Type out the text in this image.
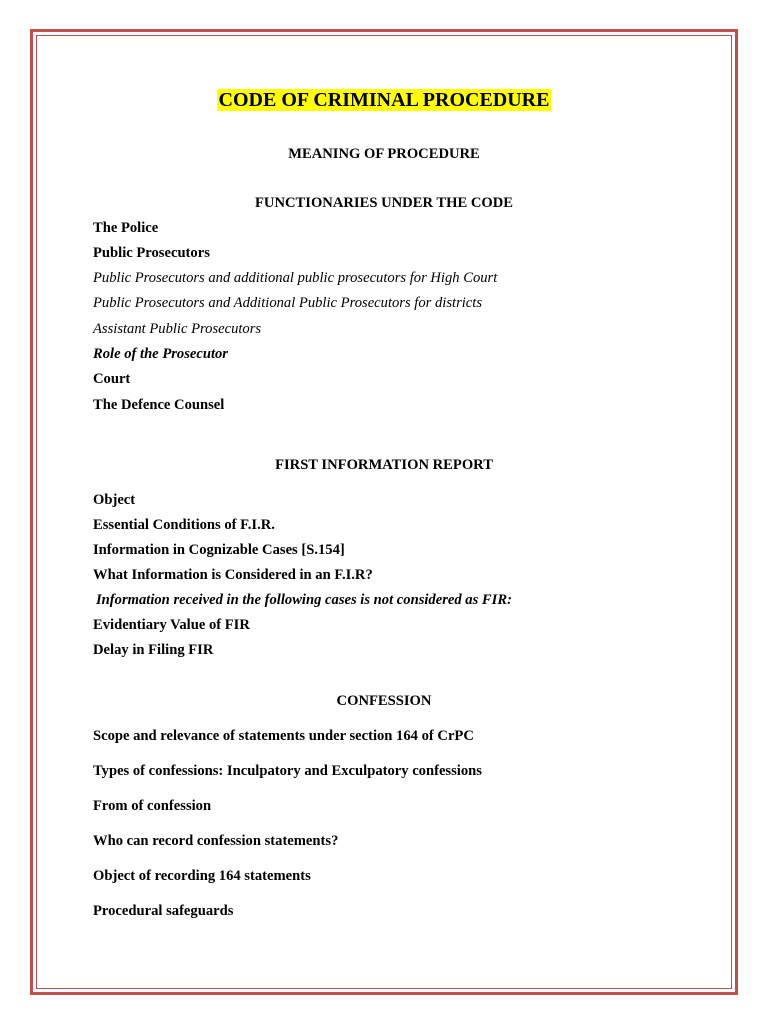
CODE OF CRIMINAL PROCEDURE
MEANING OF PROCEDURE
FUNCTIONARIES UNDER THE CODE
The Police
Public Prosecutors
Public Prosecutors and additional public prosecutors for High Court
Public Prosecutors and Additional Public Prosecutors for districts
Assistant Public Prosecutors
Role of the Prosecutor
Court
The Defence Counsel
FIRST INFORMATION REPORT
Object
Essential Conditions of F.I.R.
Information in Cognizable Cases [S.154]
What Information is Considered in an F.I.R?
Information received in the following cases is not considered as FIR:
Evidentiary Value of FIR
Delay in Filing FIR
CONFESSION
Scope and relevance of statements under section 164 of CrPC
Types of confessions: Inculpatory and Exculpatory confessions
From of confession
Who can record confession statements?
Object of recording 164 statements
Procedural safeguards
